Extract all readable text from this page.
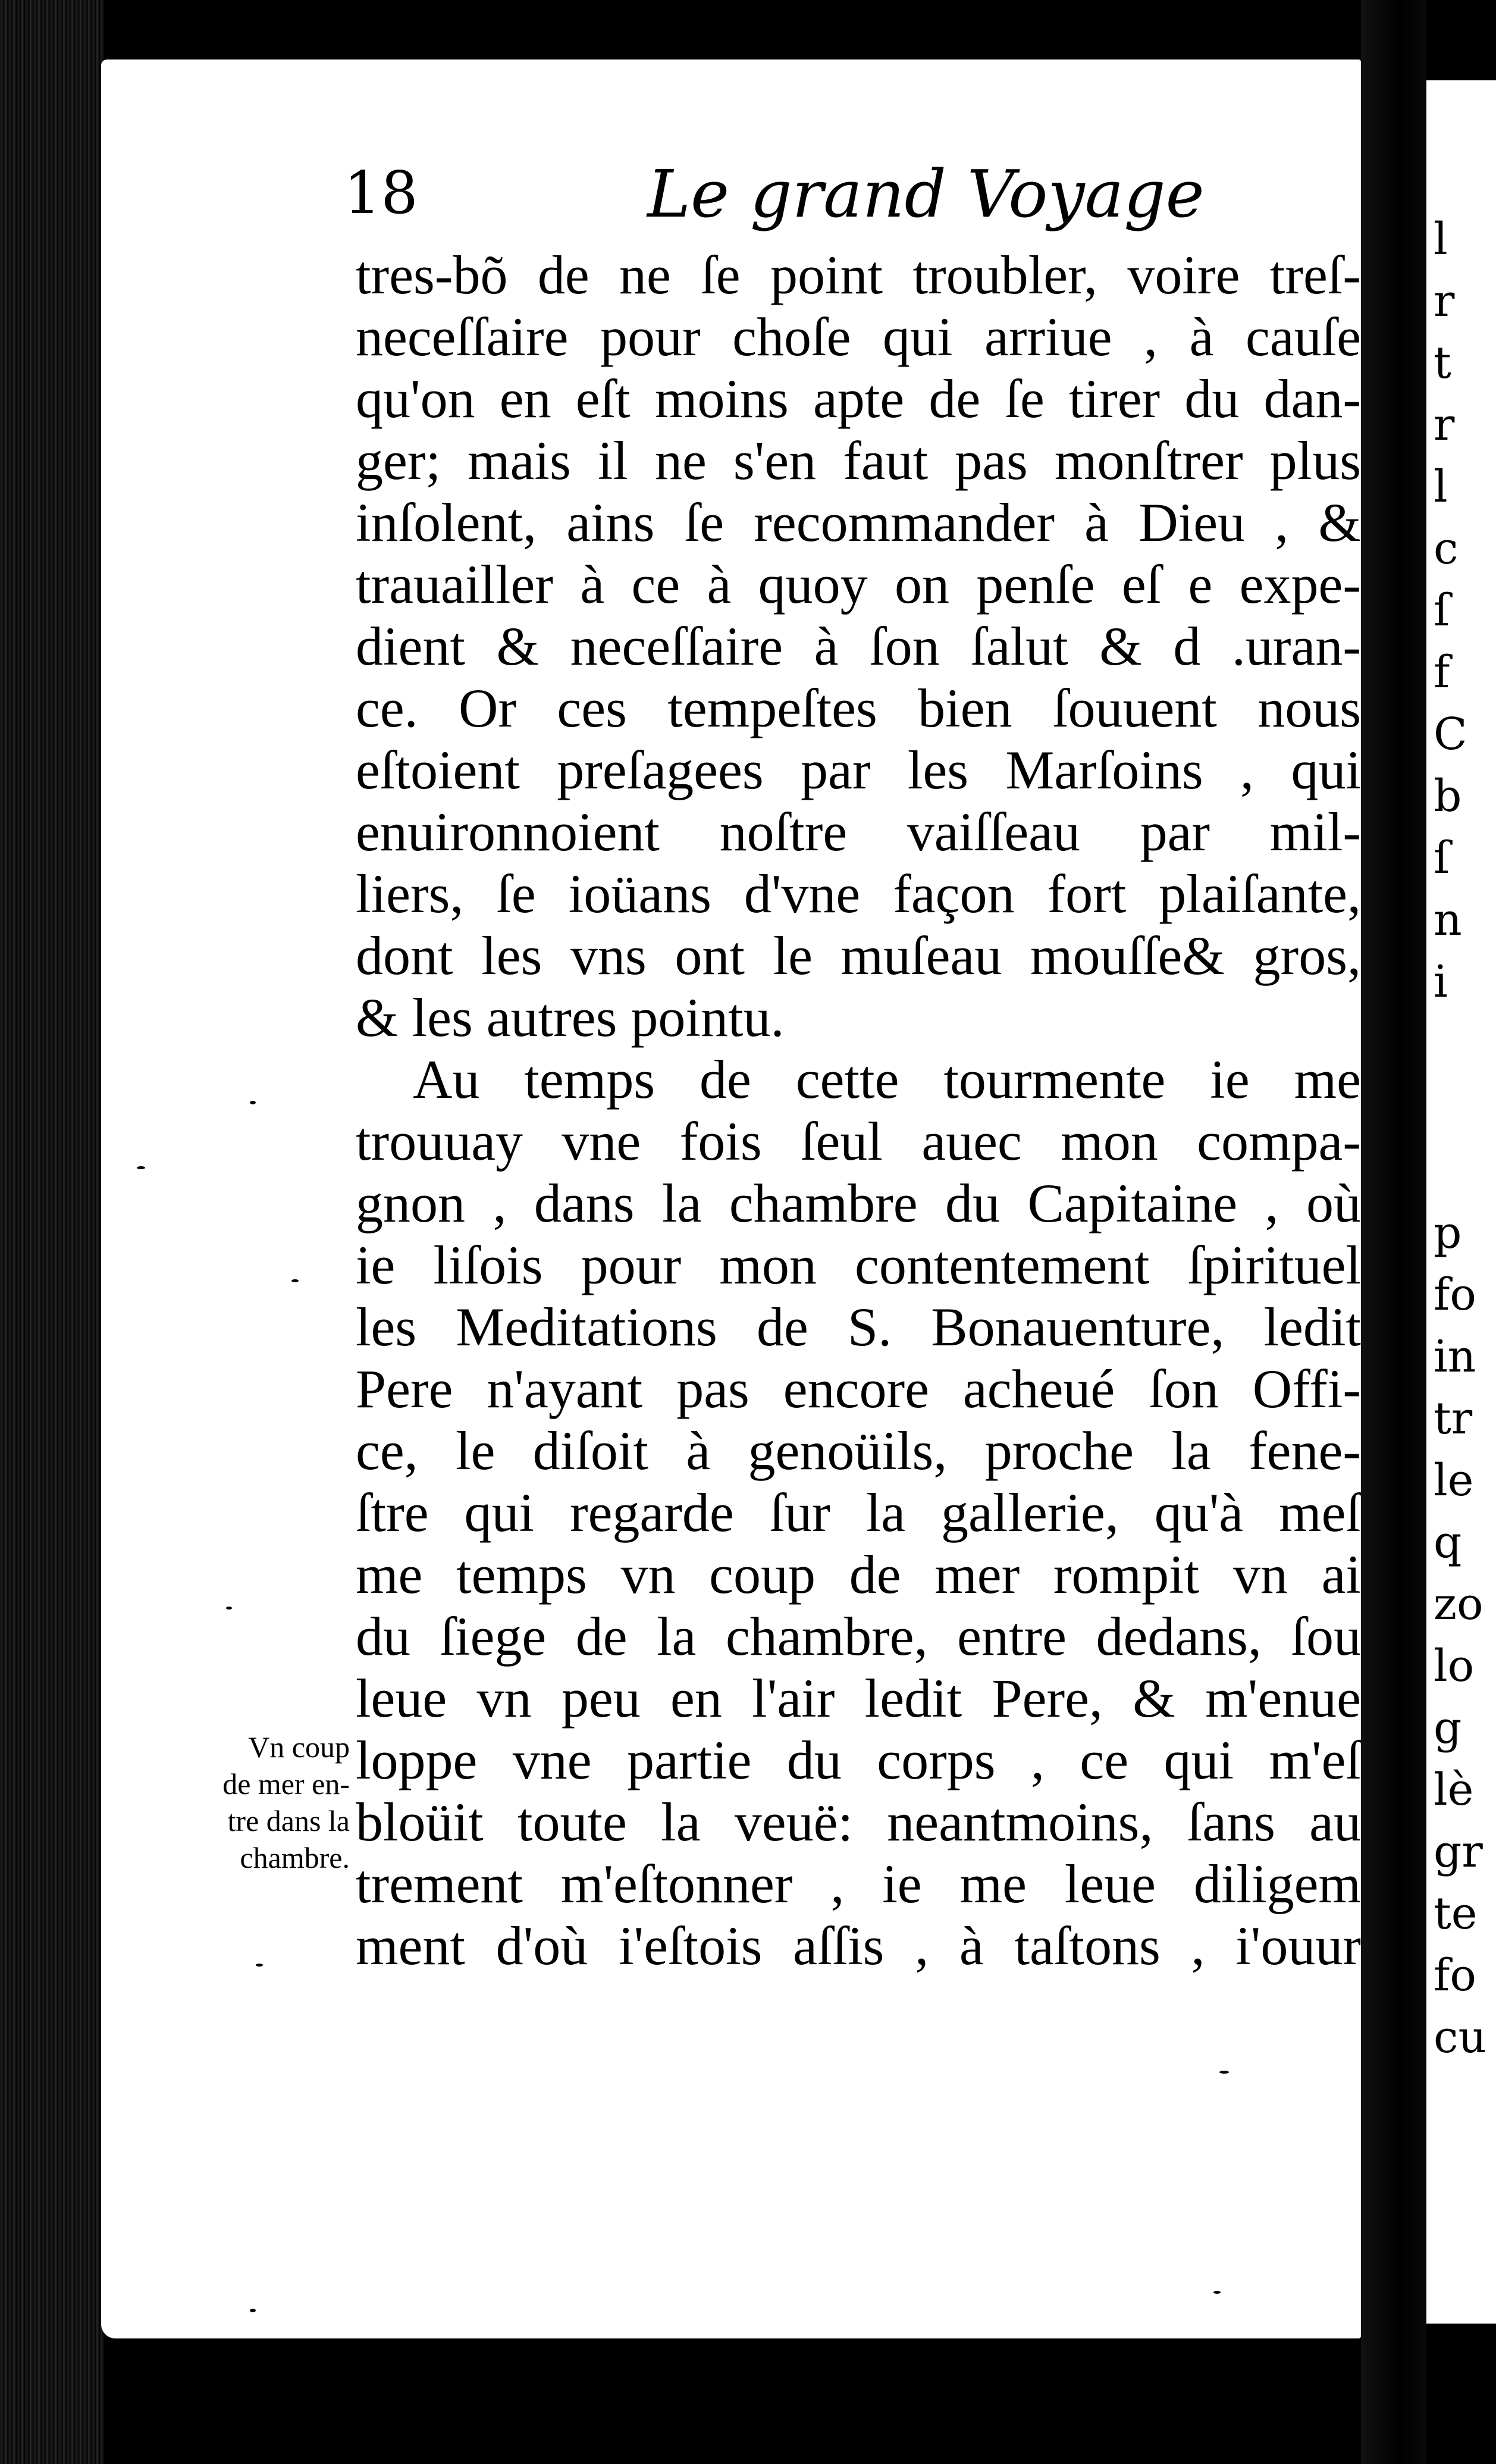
l
r
t
r
l
c
ſ
f
C
b
ſ
n
i
p
fo
in
tr
le
q
zo
lo
g
lè
gr
te
fo
cu
18	Le grand Voyage
tres-bõ de ne ſe point troubler, voire treſ-
neceſſaire pour choſe qui arriue , à cauſe
qu'on en eſt moins apte de ſe tirer du dan-
ger; mais il ne s'en faut pas monſtrer plus
inſolent, ains ſe recommander à Dieu , &
trauailler à ce à quoy on penſe eſ e expe-
dient & neceſſaire à ſon ſalut & d .uran-
ce. Or ces tempeſtes bien ſouuent nous
eſtoient preſagees par les Marſoins , qui
enuironnoient noſtre vaiſſeau par mil-
liers, ſe ioüans d'vne façon fort plaiſante,
dont les vns ont le muſeau mouſſe& gros,
& les autres pointu.
Au temps de cette tourmente ie me
trouuay vne fois ſeul auec mon compa-
gnon , dans la chambre du Capitaine , où
ie liſois pour mon contentement ſpirituel
les Meditations de S. Bonauenture, ledit
Pere n'ayant pas encore acheué ſon Offi-
ce, le diſoit à genoüils, proche la fene-
ſtre qui regarde ſur la gallerie, qu'à meſ
me temps vn coup de mer rompit vn ai
du ſiege de la chambre, entre dedans, ſou
leue vn peu en l'air ledit Pere, & m'enue
loppe vne partie du corps , ce qui m'eſ
bloüit toute la veuë: neantmoins, ſans au
trement m'eſtonner , ie me leue diligem
ment d'où i'eſtois aſſis , à taſtons , i'ouur
Vn coup
de mer en-
tre dans la
chambre.
